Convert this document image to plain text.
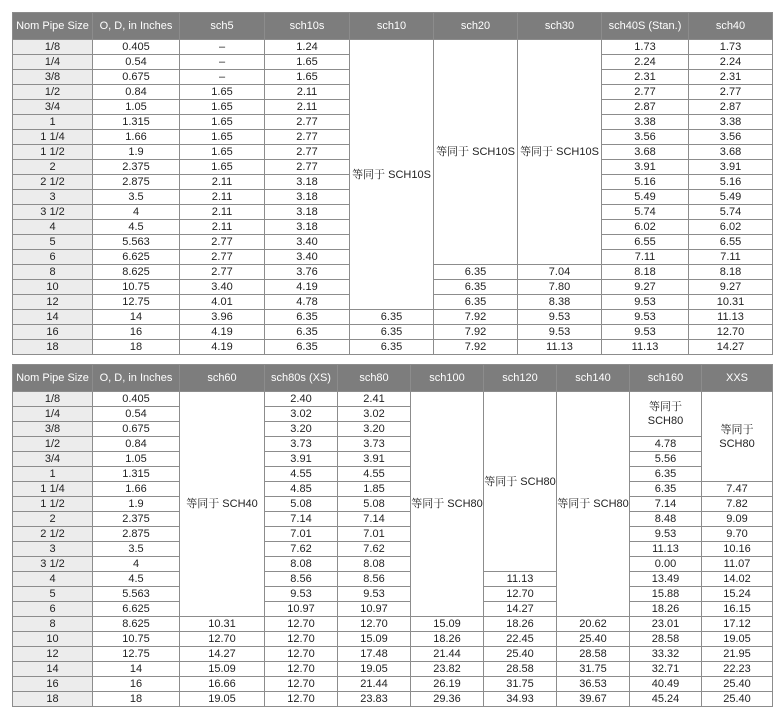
Nom Pipe Size	O, D, in Inches	sch5	sch10s	sch10	sch20	sch30	sch40S (Stan.)	sch40
1/8	0.405	–	1.24	等同于 SCH10S	等同于 SCH10S	等同于 SCH10S	1.73	1.73
1/4	0.54	–	1.65				2.24	2.24
3/8	0.675	–	1.65				2.31	2.31
1/2	0.84	1.65	2.11				2.77	2.77
3/4	1.05	1.65	2.11				2.87	2.87
1	1.315	1.65	2.77				3.38	3.38
1 1/4	1.66	1.65	2.77				3.56	3.56
1 1/2	1.9	1.65	2.77				3.68	3.68
2	2.375	1.65	2.77				3.91	3.91
2 1/2	2.875	2.11	3.18				5.16	5.16
3	3.5	2.11	3.18				5.49	5.49
3 1/2	4	2.11	3.18				5.74	5.74
4	4.5	2.11	3.18				6.02	6.02
5	5.563	2.77	3.40				6.55	6.55
6	6.625	2.77	3.40				7.11	7.11
8	8.625	2.77	3.76		6.35	7.04	8.18	8.18
10	10.75	3.40	4.19		6.35	7.80	9.27	9.27
12	12.75	4.01	4.78		6.35	8.38	9.53	10.31
14	14	3.96	6.35	6.35	7.92	9.53	9.53	11.13
16	16	4.19	6.35	6.35	7.92	9.53	9.53	12.70
18	18	4.19	6.35	6.35	7.92	11.13	11.13	14.27
Nom Pipe Size	O, D, in Inches	sch60	sch80s (XS)	sch80	sch100	sch120	sch140	sch160	XXS
1/8	0.405	等同于 SCH40	2.40	2.41	等同于 SCH80	等同于 SCH80	等同于 SCH80	等同于 SCH80	等同于 SCH80
1/4	0.54		3.02	3.02					
3/8	0.675		3.20	3.20					
1/2	0.84		3.73	3.73				4.78	
3/4	1.05		3.91	3.91				5.56	
1	1.315		4.55	4.55				6.35	
1 1/4	1.66		4.85	1.85				6.35	7.47
1 1/2	1.9		5.08	5.08				7.14	7.82
2	2.375		7.14	7.14				8.48	9.09
2 1/2	2.875		7.01	7.01				9.53	9.70
3	3.5		7.62	7.62				11.13	10.16
3 1/2	4		8.08	8.08				0.00	11.07
4	4.5		8.56	8.56		11.13		13.49	14.02
5	5.563		9.53	9.53		12.70		15.88	15.24
6	6.625		10.97	10.97		14.27		18.26	16.15
8	8.625	10.31	12.70	12.70	15.09	18.26	20.62	23.01	17.12
10	10.75	12.70	12.70	15.09	18.26	22.45	25.40	28.58	19.05
12	12.75	14.27	12.70	17.48	21.44	25.40	28.58	33.32	21.95
14	14	15.09	12.70	19.05	23.82	28.58	31.75	32.71	22.23
16	16	16.66	12.70	21.44	26.19	31.75	36.53	40.49	25.40
18	18	19.05	12.70	23.83	29.36	34.93	39.67	45.24	25.40
